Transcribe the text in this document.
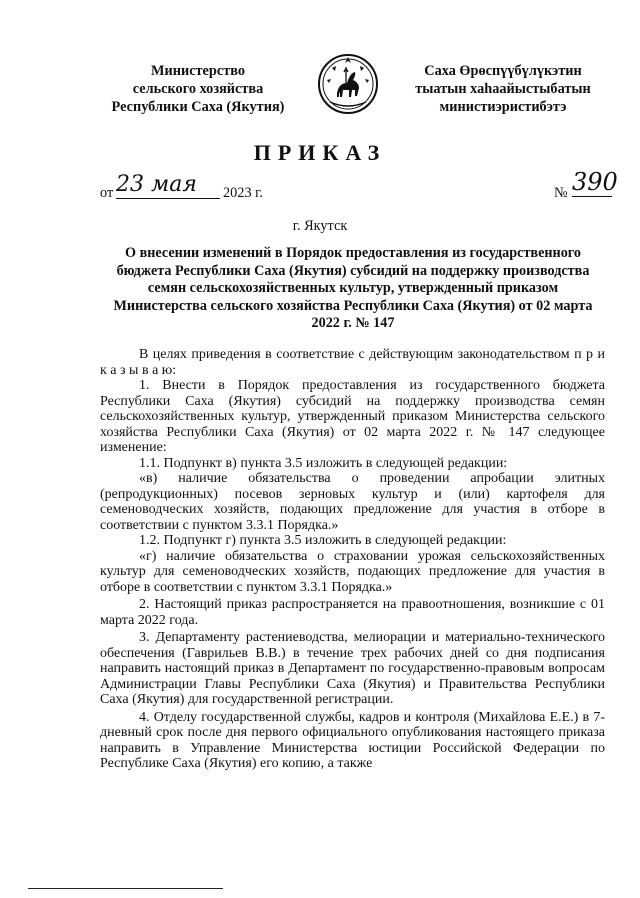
Министерство
сельского хозяйства
Республики Саха (Якутия)
Саха Өрөспүүбүлүкэтин
тыатын хаһаайыстыбатын
министиэристибэтэ
ПРИКАЗ
от 23 мая	2023 г.	№ 390
г. Якутск
О внесении изменений в Порядок предоставления из государственного бюджета Республики Саха (Якутия) субсидий на поддержку производства семян сельскохозяйственных культур, утвержденный приказом Министерства сельского хозяйства Республики Саха (Якутия) от 02 марта 2022 г. № 147

В целях приведения в соответствие с действующим законодательством п р и к а з ы в а ю:

1. Внести в Порядок предоставления из государственного бюджета Республики Саха (Якутия) субсидий на поддержку производства семян сельскохозяйственных культур, утвержденный приказом Министерства сельского хозяйства Республики Саха (Якутия) от 02 марта 2022 г. № 147 следующее изменение:

1.1. Подпункт в) пункта 3.5 изложить в следующей редакции:

«в) наличие обязательства о проведении апробации элитных (репродукционных) посевов зерновых культур и (или) картофеля для семеноводческих хозяйств, подающих предложение для участия в отборе в соответствии с пунктом 3.3.1 Порядка.»

1.2. Подпункт г) пункта 3.5 изложить в следующей редакции:

«г) наличие обязательства о страховании урожая сельскохозяйственных культур для семеноводческих хозяйств, подающих предложение для участия в отборе в соответствии с пунктом 3.3.1 Порядка.»

2. Настоящий приказ распространяется на правоотношения, возникшие с 01 марта 2022 года.

3. Департаменту растениеводства, мелиорации и материально-технического обеспечения (Гаврильев В.В.) в течение трех рабочих дней со дня подписания направить настоящий приказ в Департамент по государственно-правовым вопросам Администрации Главы Республики Саха (Якутия) и Правительства Республики Саха (Якутия) для государственной регистрации.

4. Отделу государственной службы, кадров и контроля (Михайлова Е.Е.) в 7-дневный срок после дня первого официального опубликования настоящего приказа направить в Управление Министерства юстиции Российской Федерации по Республике Саха (Якутия) его копию, а также
